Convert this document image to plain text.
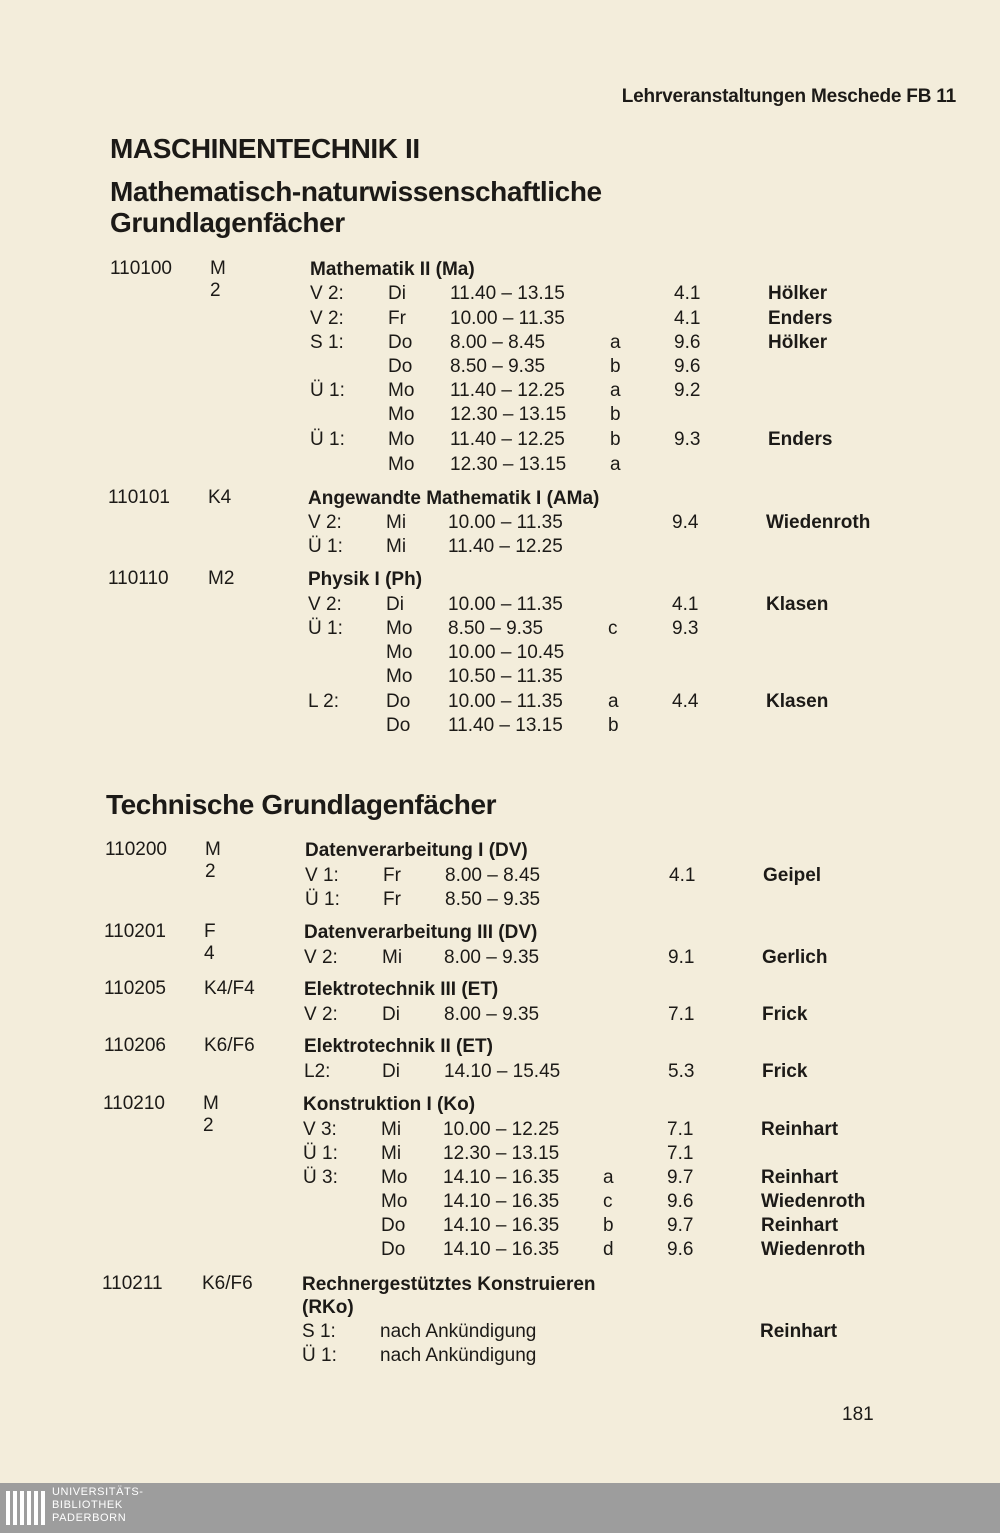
Lehrveranstaltungen Meschede FB 11
MASCHINENTECHNIK II
Mathematisch-naturwissenschaftliche
Grundlagenfächer
110100 M 2
Mathematik II (Ma)
V 2: Di 11.40 – 13.15	4.1	Hölker
V 2: Fr 10.00 – 11.35	4.1	Enders
S 1: Do 8.00 – 8.45	a	9.6	Hölker
Do 8.50 – 9.35	b	9.6
Ü 1: Mo 11.40 – 12.25 a	9.2
Mo 12.30 – 13.15 b
Ü 1: Mo 11.40 – 12.25 b	9.3	Enders
Mo 12.30 – 13.15 a
110101 K4	Angewandte Mathematik I (AMa)
V 2: Mi 10.00 – 11.35	9.4	Wiedenroth
Ü 1: Mi 11.40 – 12.25
110110 M2	Physik I (Ph)
V 2: Di 10.00 – 11.35	4.1	Klasen
Ü 1: Mo 8.50 – 9.35	c	9.3
Mo 10.00 – 10.45
Mo 10.50 – 11.35
L 2: Do 10.00 – 11.35 a	4.4	Klasen
Do 11.40 – 13.15 b
Technische Grundlagenfächer
110200 M 2
Datenverarbeitung I (DV)
V 1: Fr 8.00 – 8.45	4.1	Geipel
Ü 1: Fr 8.50 – 9.35
110201 F 4
Datenverarbeitung III (DV)
V 2: Mi 8.00 – 9.35	9.1	Gerlich
110205 K4/F4	Elektrotechnik III (ET)
V 2: Di 8.00 – 9.35	7.1	Frick
110206 K6/F6	Elektrotechnik II (ET)
L2:	Di 14.10 – 15.45	5.3	Frick
110210 M 2
Konstruktion I (Ko)
V 3: Mi 10.00 – 12.25	7.1	Reinhart
Ü 1: Mi 12.30 – 13.15	7.1
Ü 3: Mo 14.10 – 16.35 a	9.7	Reinhart
Mo 14.10 – 16.35 c	9.6	Wiedenroth
Do 14.10 – 16.35 b	9.7	Reinhart
Do 14.10 – 16.35 d	9.6	Wiedenroth
110211 K6/F6	Rechnergestütztes Konstruieren (RKo)
S 1: nach Ankündigung	Reinhart
Ü 1: nach Ankündigung
181
UNIVERSITÄTS-
BIBLIOTHEK
PADERBORN
